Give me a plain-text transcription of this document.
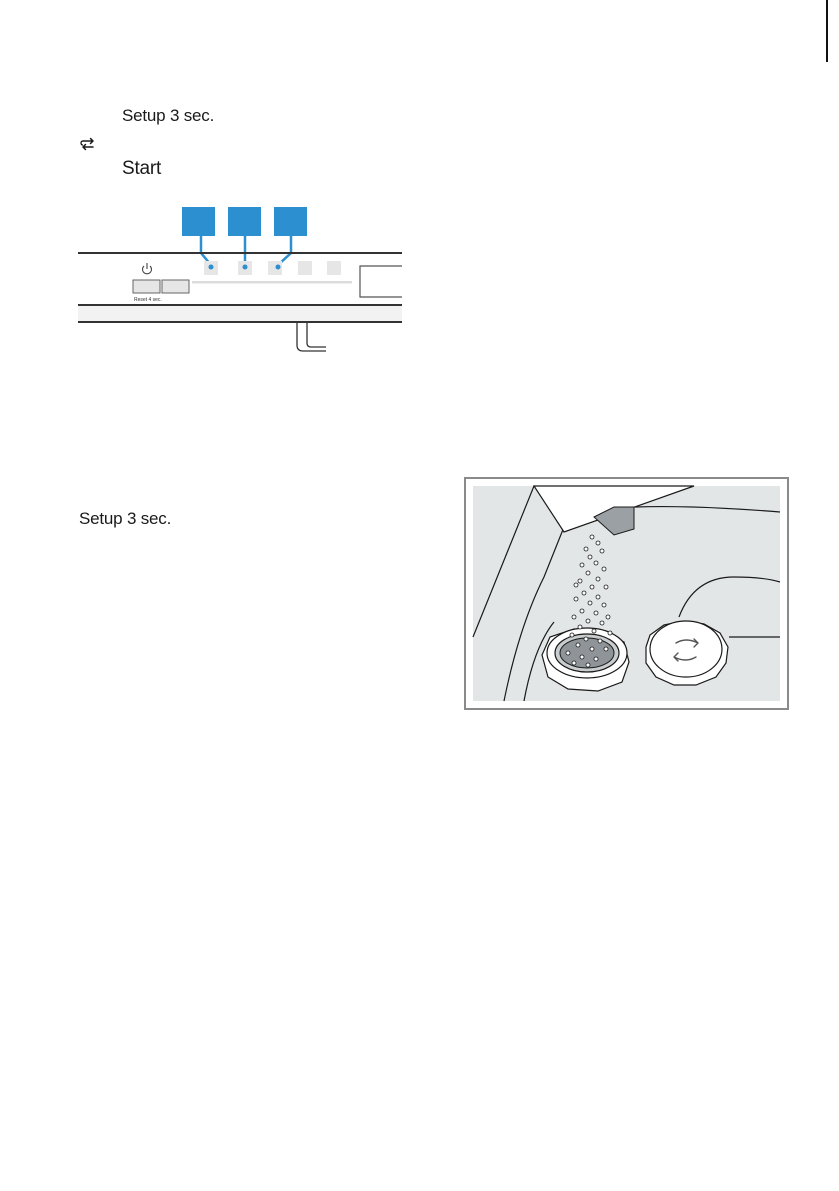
Setup 3 sec.
Start
Reset 4 sec.
Setup 3 sec.
